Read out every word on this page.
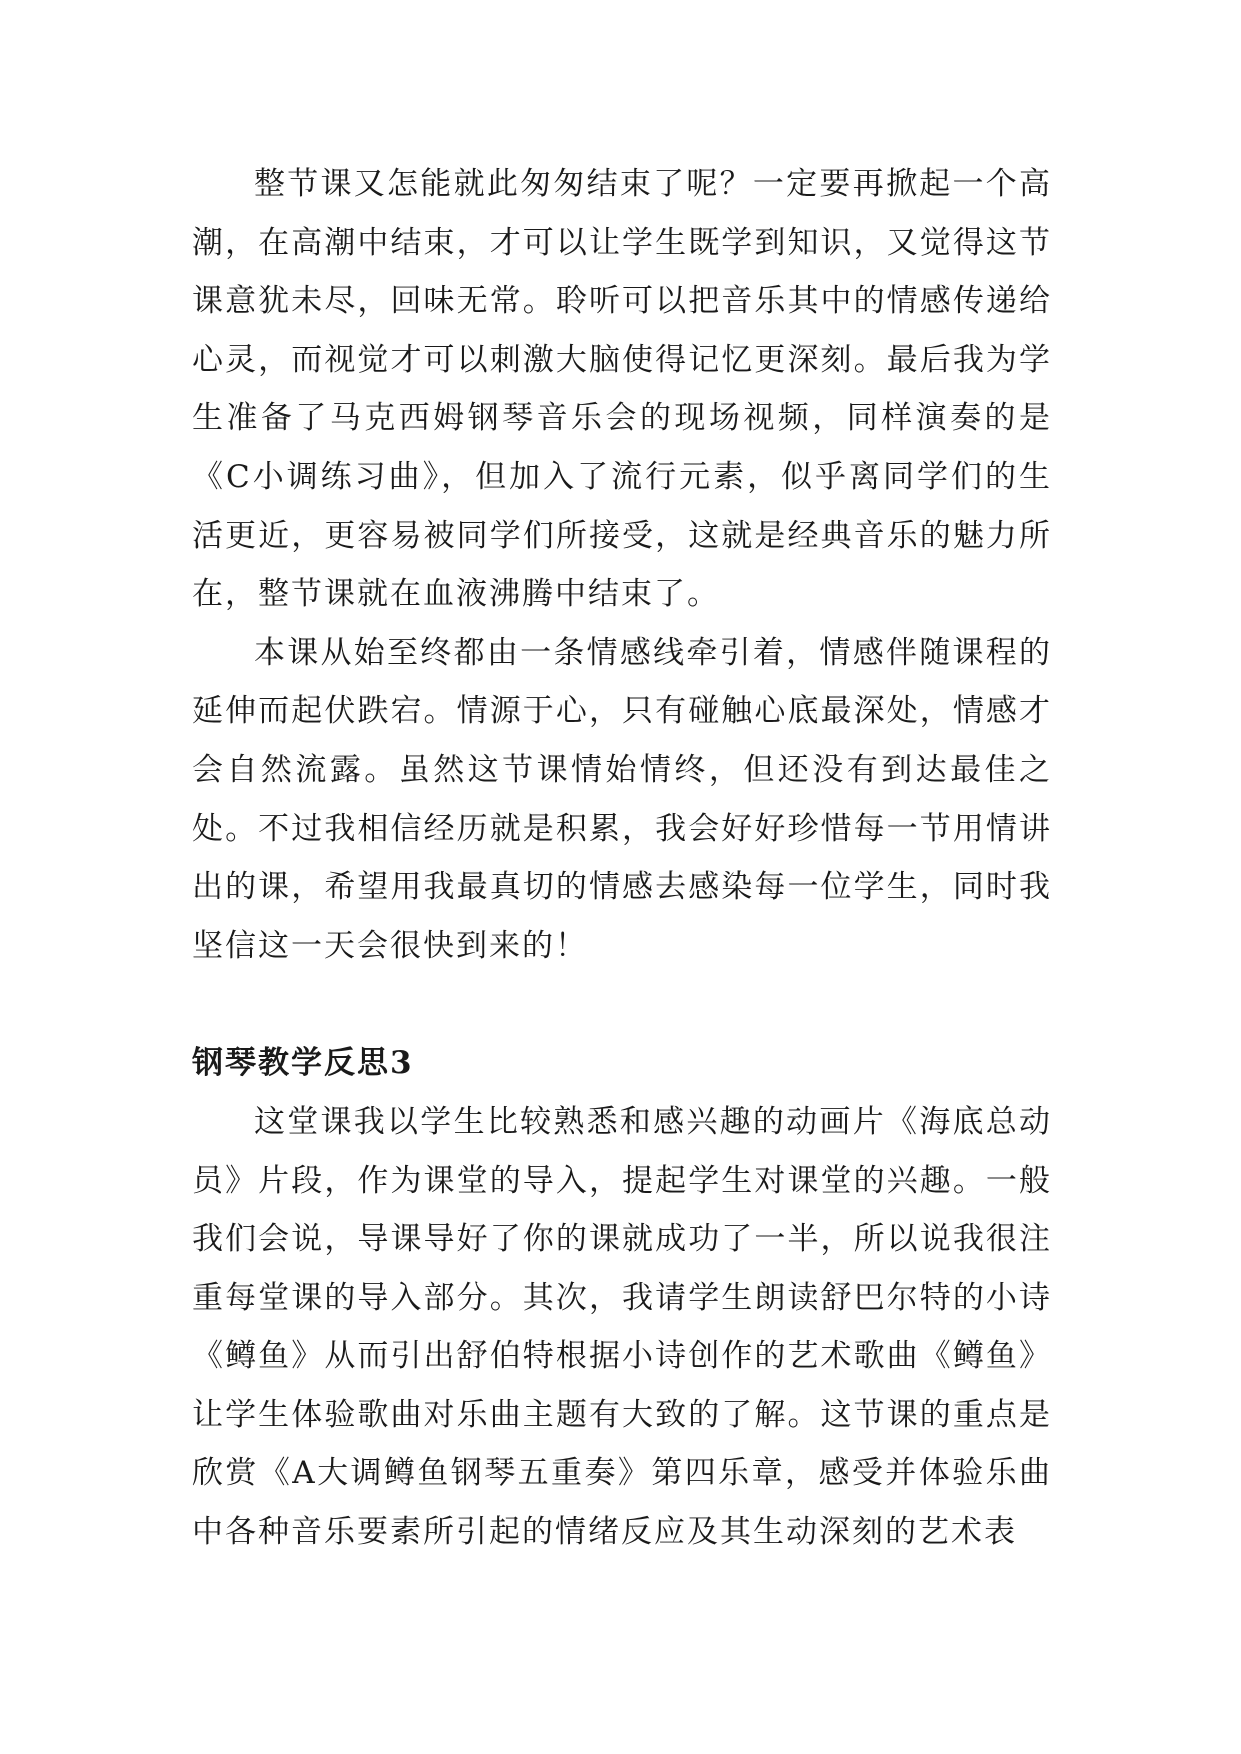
整节课又怎能就此匆匆结束了呢？一定要再掀起一个高潮，在高潮中结束，才可以让学生既学到知识，又觉得这节课意犹未尽，回味无常。聆听可以把音乐其中的情感传递给心灵，而视觉才可以刺激大脑使得记忆更深刻。最后我为学生准备了马克西姆钢琴音乐会的现场视频，同样演奏的是《C小调练习曲》，但加入了流行元素，似乎离同学们的生活更近，更容易被同学们所接受，这就是经典音乐的魅力所在，整节课就在血液沸腾中结束了。

本课从始至终都由一条情感线牵引着，情感伴随课程的延伸而起伏跌宕。情源于心，只有碰触心底最深处，情感才会自然流露。虽然这节课情始情终，但还没有到达最佳之处。不过我相信经历就是积累，我会好好珍惜每一节用情讲出的课，希望用我最真切的情感去感染每一位学生，同时我坚信这一天会很快到来的！

钢琴教学反思3

这堂课我以学生比较熟悉和感兴趣的动画片《海底总动员》片段，作为课堂的导入，提起学生对课堂的兴趣。一般我们会说，导课导好了你的课就成功了一半，所以说我很注重每堂课的导入部分。其次，我请学生朗读舒巴尔特的小诗《鳟鱼》从而引出舒伯特根据小诗创作的艺术歌曲《鳟鱼》让学生体验歌曲对乐曲主题有大致的了解。这节课的重点是欣赏《A大调鳟鱼钢琴五重奏》第四乐章，感受并体验乐曲中各种音乐要素所引起的情绪反应及其生动深刻的艺术表
